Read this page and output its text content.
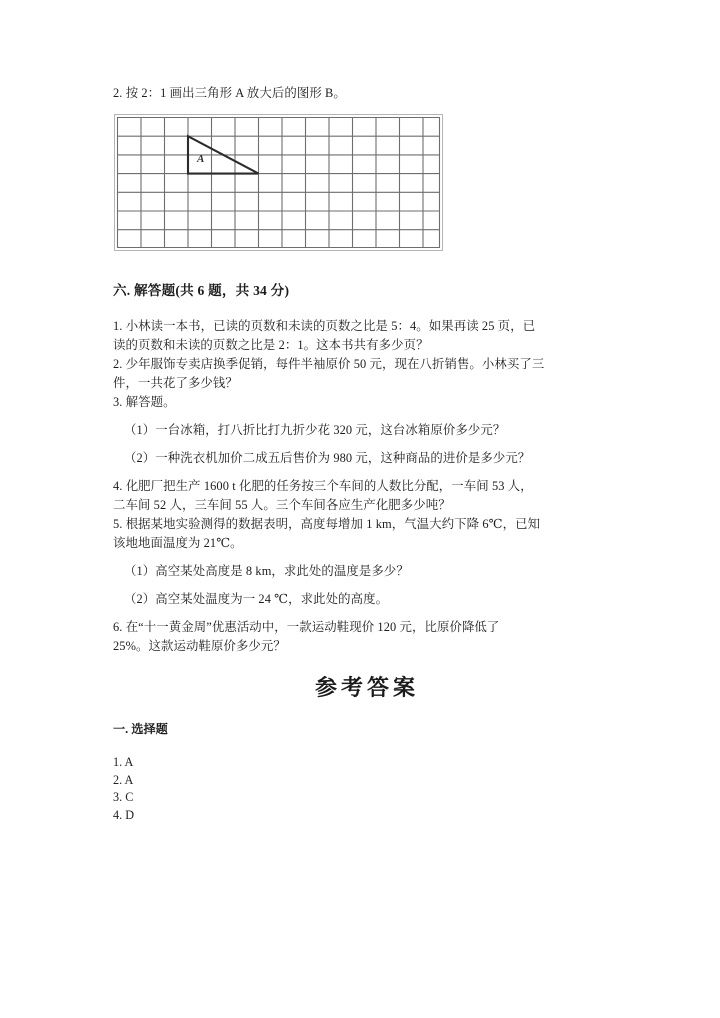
2. 按 2：1 画出三角形 A 放大后的图形 B。

A

六. 解答题(共 6 题，共 34 分)

1. 小林读一本书，已读的页数和未读的页数之比是 5：4。如果再读 25 页，已

读的页数和未读的页数之比是 2：1。这本书共有多少页？

2. 少年服饰专卖店换季促销，每件半袖原价 50 元，现在八折销售。小林买了三

件，一共花了多少钱？

3. 解答题。

（1）一台冰箱，打八折比打九折少花 320 元，这台冰箱原价多少元？

（2）一种洗衣机加价二成五后售价为 980 元，这种商品的进价是多少元？

4. 化肥厂把生产 1600 t 化肥的任务按三个车间的人数比分配，一车间 53 人，

二车间 52 人，三车间 55 人。三个车间各应生产化肥多少吨？

5. 根据某地实验测得的数据表明，高度每增加 1 km，气温大约下降 6℃，已知

该地地面温度为 21℃。

（1）高空某处高度是 8 km，求此处的温度是多少？

（2）高空某处温度为一 24 ℃，求此处的高度。

6. 在“十一黄金周”优惠活动中，一款运动鞋现价 120 元，比原价降低了

25%。这款运动鞋原价多少元？

参考答案

一. 选择题

1. A

2. A

3. C

4. D
